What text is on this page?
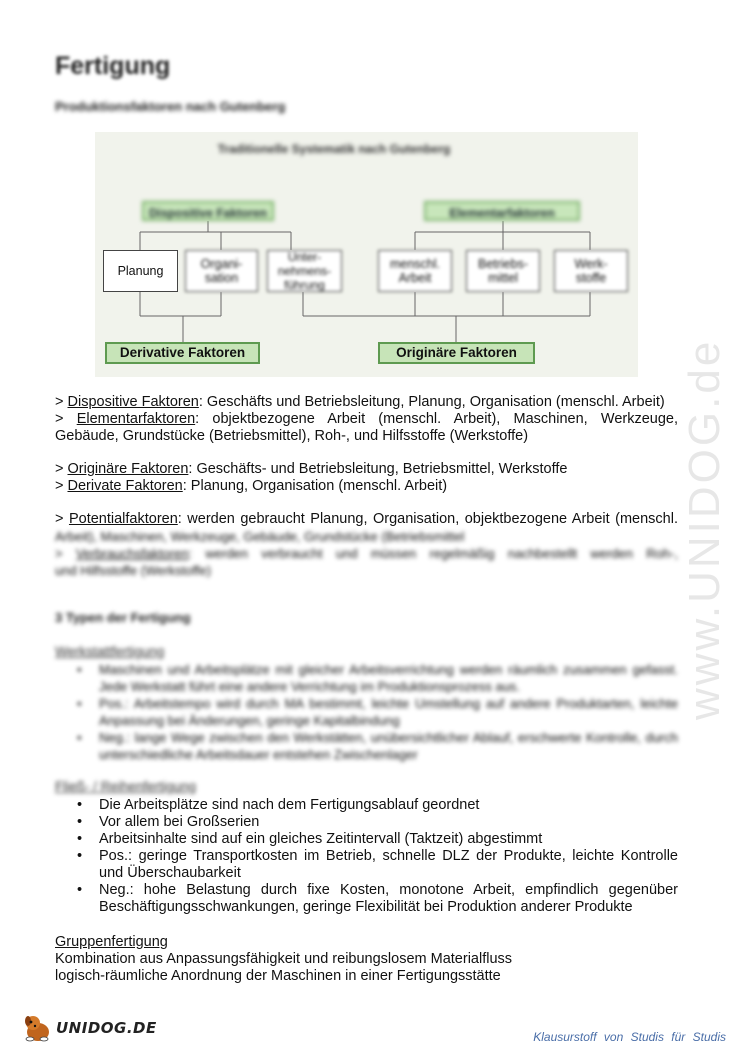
Fertigung
Produktionsfaktoren nach Gutenberg
Traditionelle Systematik nach Gutenberg
Dispositive Faktoren	Elementarfaktoren
Planung	Organi-
sation
Unter-
nehmens-
führung
menschl.
Arbeit
Betriebs-
mittel
Werk-
stoffe
Derivative Faktoren	Originäre Faktoren
> Dispositive Faktoren: Geschäfts und Betriebsleitung, Planung, Organisation (menschl. Arbeit)
> Elementarfaktoren: objektbezogene Arbeit (menschl. Arbeit), Maschinen, Werkzeuge,
Gebäude, Grundstücke (Betriebsmittel), Roh-, und Hilfsstoffe (Werkstoffe)
> Originäre Faktoren: Geschäfts- und Betriebsleitung, Betriebsmittel, Werkstoffe
> Derivate Faktoren: Planung, Organisation (menschl. Arbeit)
> Potentialfaktoren: werden gebraucht Planung, Organisation, objektbezogene Arbeit (menschl.
Arbeit), Maschinen, Werkzeuge, Gebäude, Grundstücke (Betriebsmittel
> Verbrauchsfaktoren: werden verbraucht und müssen regelmäßig nachbestellt werden Roh-,
und Hilfsstoffe (Werkstoffe)
3 Typen der Fertigung
Werkstattfertigung
• Maschinen und Arbeitsplätze mit gleicher Arbeitsverrichtung werden räumlich zusammen gefasst. Jede Werkstatt führt eine andere Verrichtung im Produktionsprozess aus.
• Pos.: Arbeitstempo wird durch MA bestimmt, leichte Umstellung auf andere Produktarten, leichte Anpassung bei Änderungen, geringe Kapitalbindung
• Neg.: lange Wege zwischen den Werkstätten, unübersichtlicher Ablauf, erschwerte Kontrolle, durch unterschiedliche Arbeitsdauer entstehen Zwischenlager
Fließ- / Reihenfertigung
• Die Arbeitsplätze sind nach dem Fertigungsablauf geordnet
• Vor allem bei Großserien
• Arbeitsinhalte sind auf ein gleiches Zeitintervall (Taktzeit) abgestimmt
• Pos.: geringe Transportkosten im Betrieb, schnelle DLZ der Produkte, leichte Kontrolle und Überschaubarkeit
• Neg.: hohe Belastung durch fixe Kosten, monotone Arbeit, empfindlich gegenüber Beschäftigungsschwankungen, geringe Flexibilität bei Produktion anderer Produkte
Gruppenfertigung
Kombination aus Anpassungsfähigkeit und reibungslosem Materialfluss
logisch-räumliche Anordnung der Maschinen in einer Fertigungsstätte
www.UNIDOG.de
UNIDOG.DE	Klausurstoff von Studis für Studis
